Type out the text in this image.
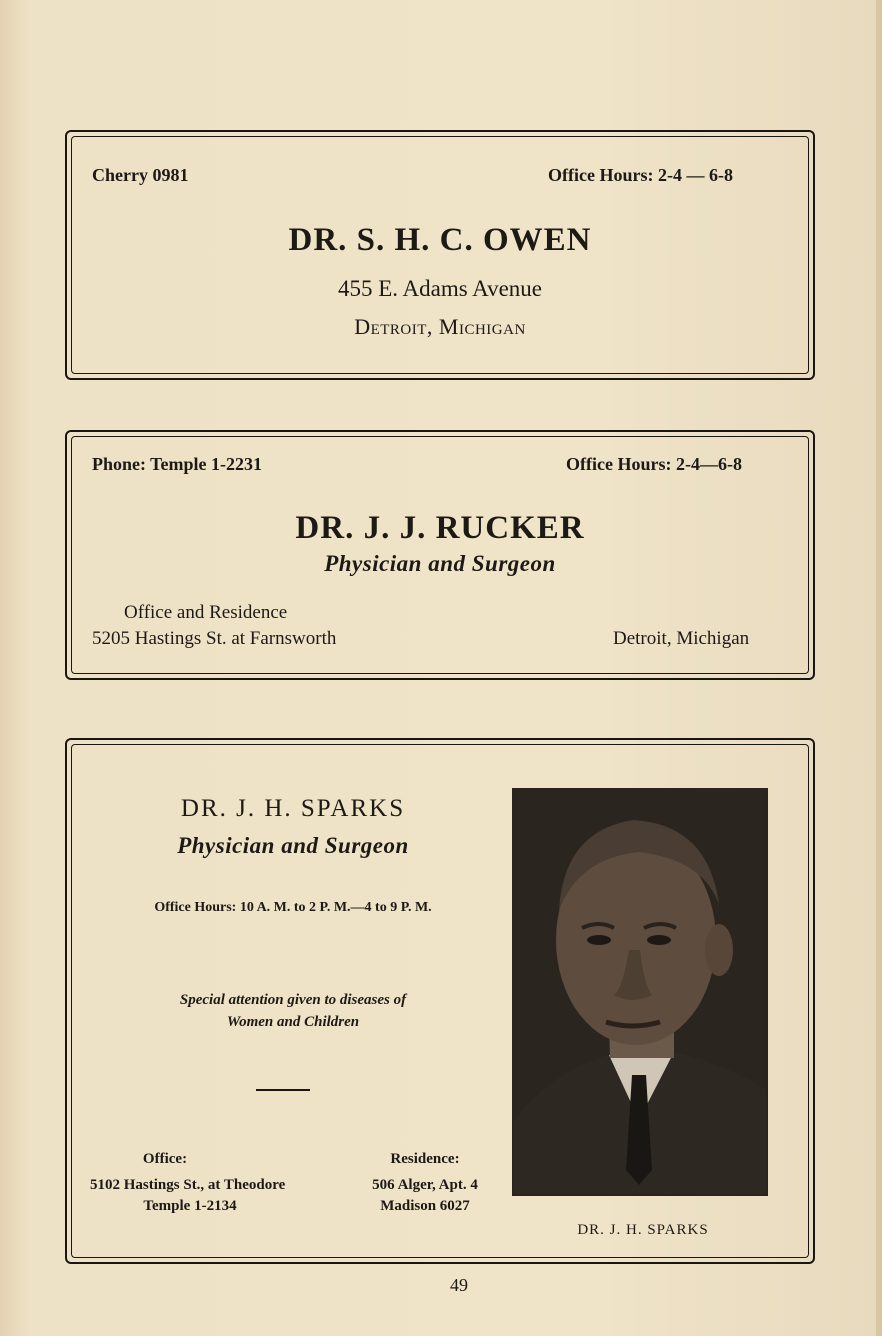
Cherry 0981	Office Hours: 2-4 — 6-8
DR. S. H. C. OWEN
455 E. Adams Avenue
Detroit, Michigan
Phone: Temple 1-2231	Office Hours: 2-4—6-8
DR. J. J. RUCKER
Physician and Surgeon
Office and Residence
5205 Hastings St. at Farnsworth	Detroit, Michigan
DR. J. H. SPARKS
Physician and Surgeon
Office Hours: 10 A. M. to 2 P. M.—4 to 9 P. M.
Special attention given to diseases of
Women and Children
Office:
5102 Hastings St., at Theodore
Temple 1-2134
Residence:
506 Alger, Apt. 4
Madison 6027
DR. J. H. SPARKS
49
